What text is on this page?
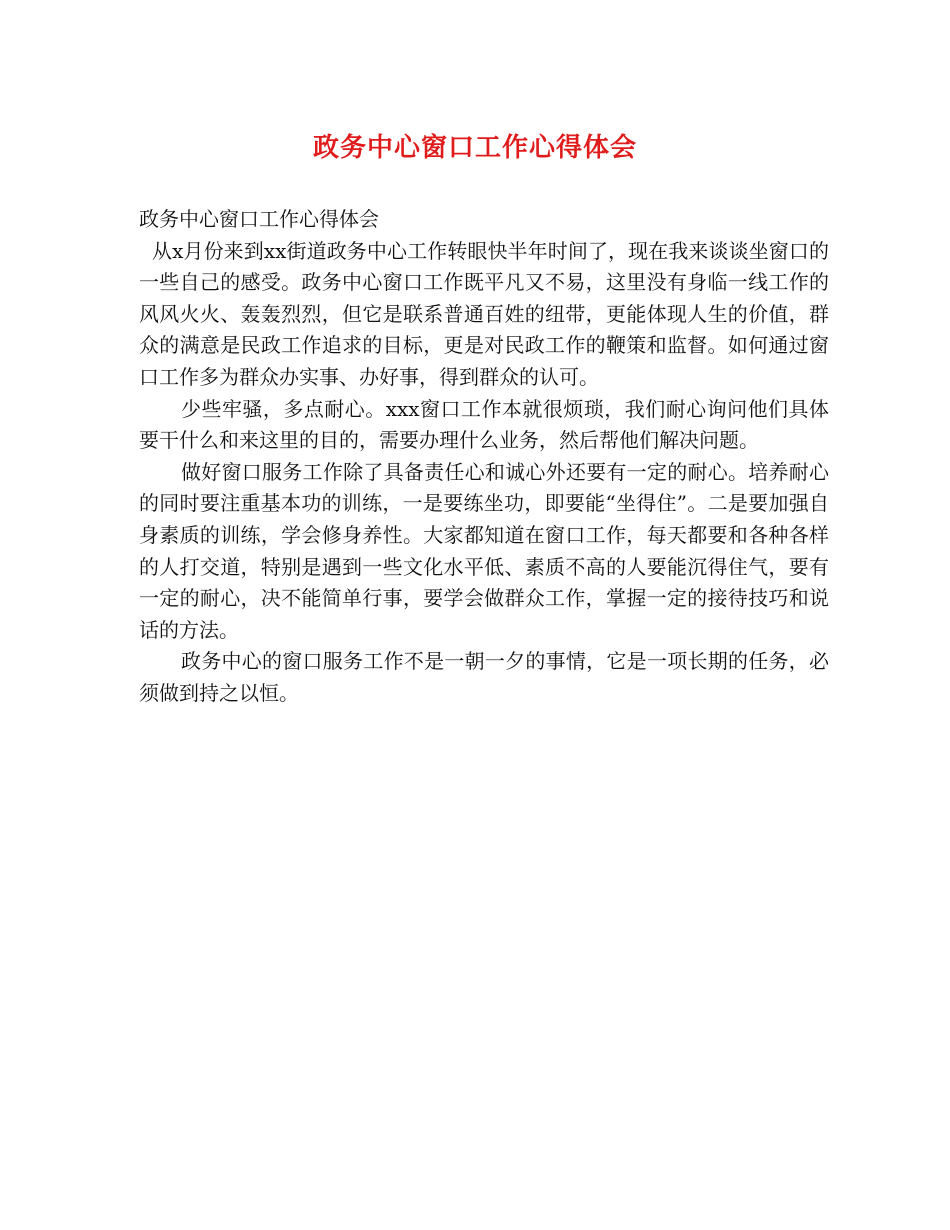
政务中心窗口工作心得体会

政务中心窗口工作心得体会

从x月份来到xx街道政务中心工作转眼快半年时间了，现在我来谈谈坐窗口的一些自己的感受。政务中心窗口工作既平凡又不易，这里没有身临一线工作的风风火火、轰轰烈烈，但它是联系普通百姓的纽带，更能体现人生的价值，群众的满意是民政工作追求的目标，更是对民政工作的鞭策和监督。如何通过窗口工作多为群众办实事、办好事，得到群众的认可。

少些牢骚，多点耐心。xxx窗口工作本就很烦琐，我们耐心询问他们具体要干什么和来这里的目的，需要办理什么业务，然后帮他们解决问题。

做好窗口服务工作除了具备责任心和诚心外还要有一定的耐心。培养耐心的同时要注重基本功的训练，一是要练坐功，即要能“坐得住”。二是要加强自身素质的训练，学会修身养性。大家都知道在窗口工作，每天都要和各种各样的人打交道，特别是遇到一些文化水平低、素质不高的人要能沉得住气，要有一定的耐心，决不能简单行事，要学会做群众工作，掌握一定的接待技巧和说话的方法。

政务中心的窗口服务工作不是一朝一夕的事情，它是一项长期的任务，必须做到持之以恒。
